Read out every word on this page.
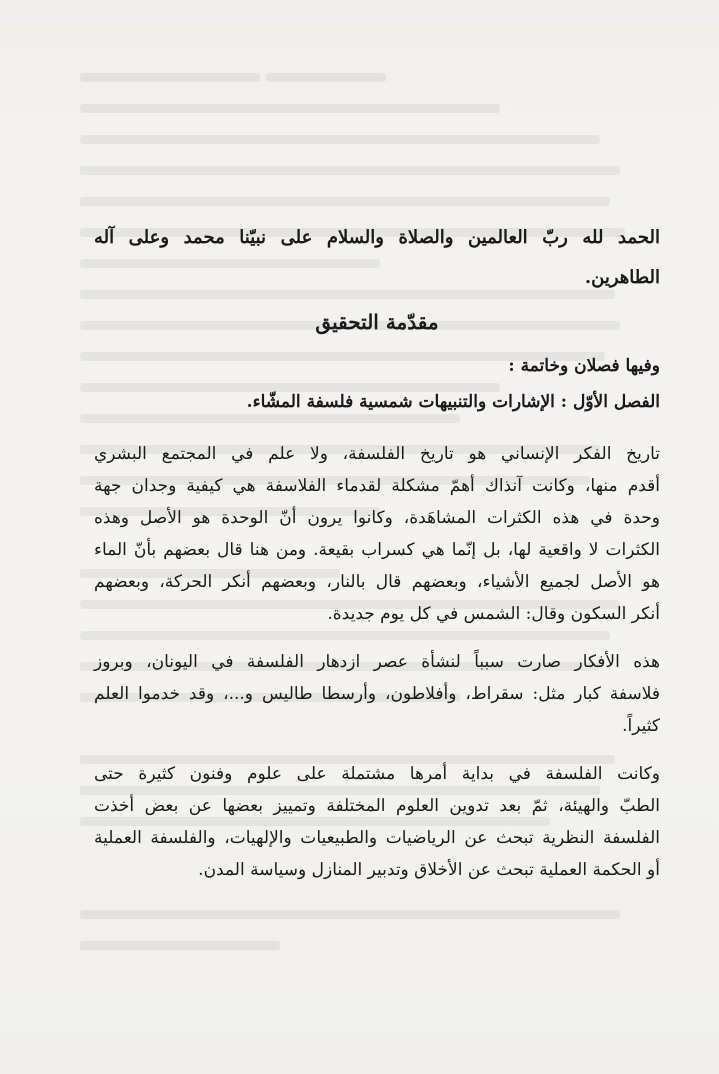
الحمد لله ربّ العالمين والصلاة والسلام على نبيّنا محمد وعلى آله

الطاهرين.

مقدّمة التحقيق

وفيها فصلان وخاتمة :

الفصل الأوّل : الإشارات والتنبيهات شمسية فلسفة المشّاء.

تاريخ الفكر الإنساني هو تاريخ الفلسفة، ولا علم في المجتمع البشري

أقدم منها، وكانت آنذاك أهمّ مشكلة لقدماء الفلاسفة هي كيفية وجدان جهة

وحدة في هذه الكثرات المشاهَدة، وكانوا يرون أنّ الوحدة هو الأصل وهذه

الكثرات لا واقعية لها، بل إنّما هي كسراب بقيعة. ومن هنا قال بعضهم بأنّ الماء

هو الأصل لجميع الأشياء، وبعضهم قال بالنار، وبعضهم أنكر الحركة، وبعضهم

أنكر السكون وقال: الشمس في كل يوم جديدة.

هذه الأفكار صارت سبباً لنشأة عصر ازدهار الفلسفة في اليونان، وبروز

فلاسفة كبار مثل: سقراط، وأفلاطون، وأرسطا طاليس و...، وقد خدموا العلم

كثيراً.

وكانت الفلسفة في بداية أمرها مشتملة على علوم وفنون كثيرة حتى

الطبّ والهيئة، ثمّ بعد تدوين العلوم المختلفة وتمييز بعضها عن بعض أخذت

الفلسفة النظرية تبحث عن الرياضيات والطبيعيات والإلهيات، والفلسفة العملية

أو الحكمة العملية تبحث عن الأخلاق وتدبير المنازل وسياسة المدن.
